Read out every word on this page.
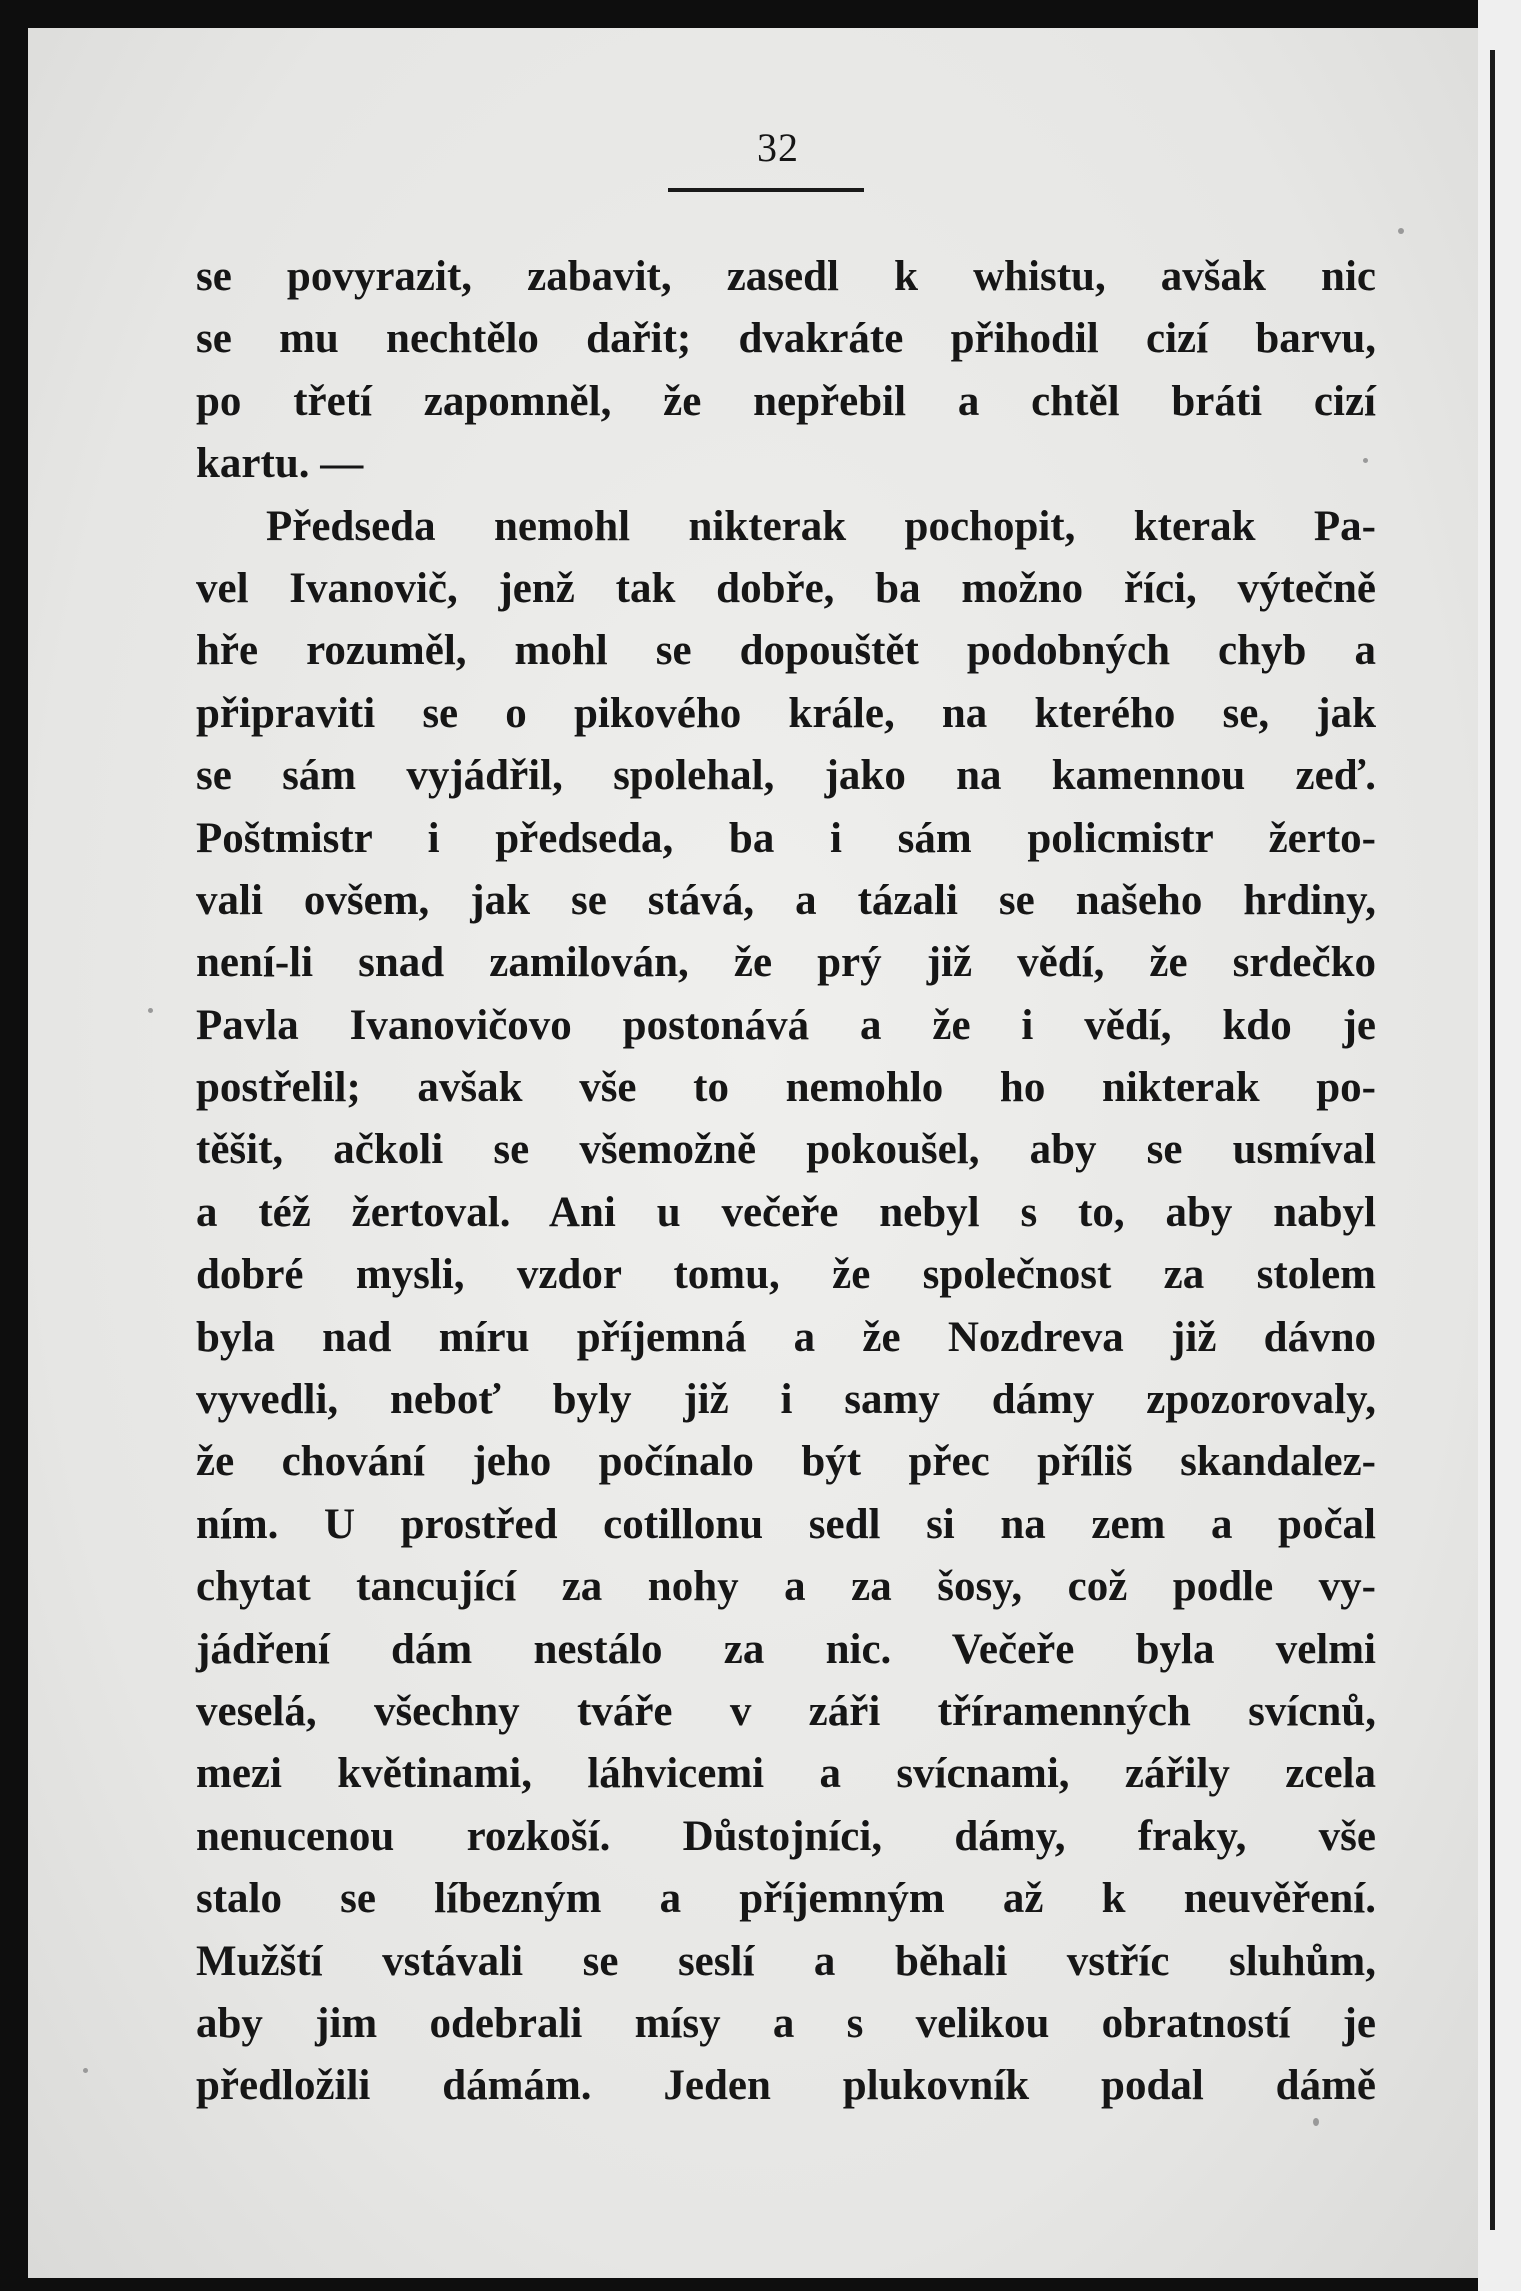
32
se povyrazit, zabavit, zasedl k whistu, avšak nic
se mu nechtělo dařit; dvakráte přihodil cizí barvu,
po třetí zapomněl, že nepřebil a chtěl bráti cizí
kartu. —
Předseda nemohl nikterak pochopit, kterak Pa-
vel Ivanovič, jenž tak dobře, ba možno říci, výtečně
hře rozuměl, mohl se dopouštět podobných chyb a
připraviti se o pikového krále, na kterého se, jak
se sám vyjádřil, spolehal, jako na kamennou zeď.
Poštmistr i předseda, ba i sám policmistr žerto-
vali ovšem, jak se stává, a tázali se našeho hrdiny,
není-li snad zamilován, že prý již vědí, že srdečko
Pavla Ivanovičovo postonává a že i vědí, kdo je
postřelil; avšak vše to nemohlo ho nikterak po-
těšit, ačkoli se všemožně pokoušel, aby se usmíval
a též žertoval. Ani u večeře nebyl s to, aby nabyl
dobré mysli, vzdor tomu, že společnost za stolem
byla nad míru příjemná a že Nozdreva již dávno
vyvedli, neboť byly již i samy dámy zpozorovaly,
že chování jeho počínalo být přec příliš skandalez-
ním. U prostřed cotillonu sedl si na zem a počal
chytat tancující za nohy a za šosy, což podle vy-
jádření dám nestálo za nic. Večeře byla velmi
veselá, všechny tváře v záři tříramenných svícnů,
mezi květinami, láhvicemi a svícnami, zářily zcela
nenucenou rozkoší. Důstojníci, dámy, fraky, vše
stalo se líbezným a příjemným až k neuvěření.
Mužští vstávali se seslí a běhali vstříc sluhům,
aby jim odebrali mísy a s velikou obratností je
předložili dámám. Jeden plukovník podal dámě
